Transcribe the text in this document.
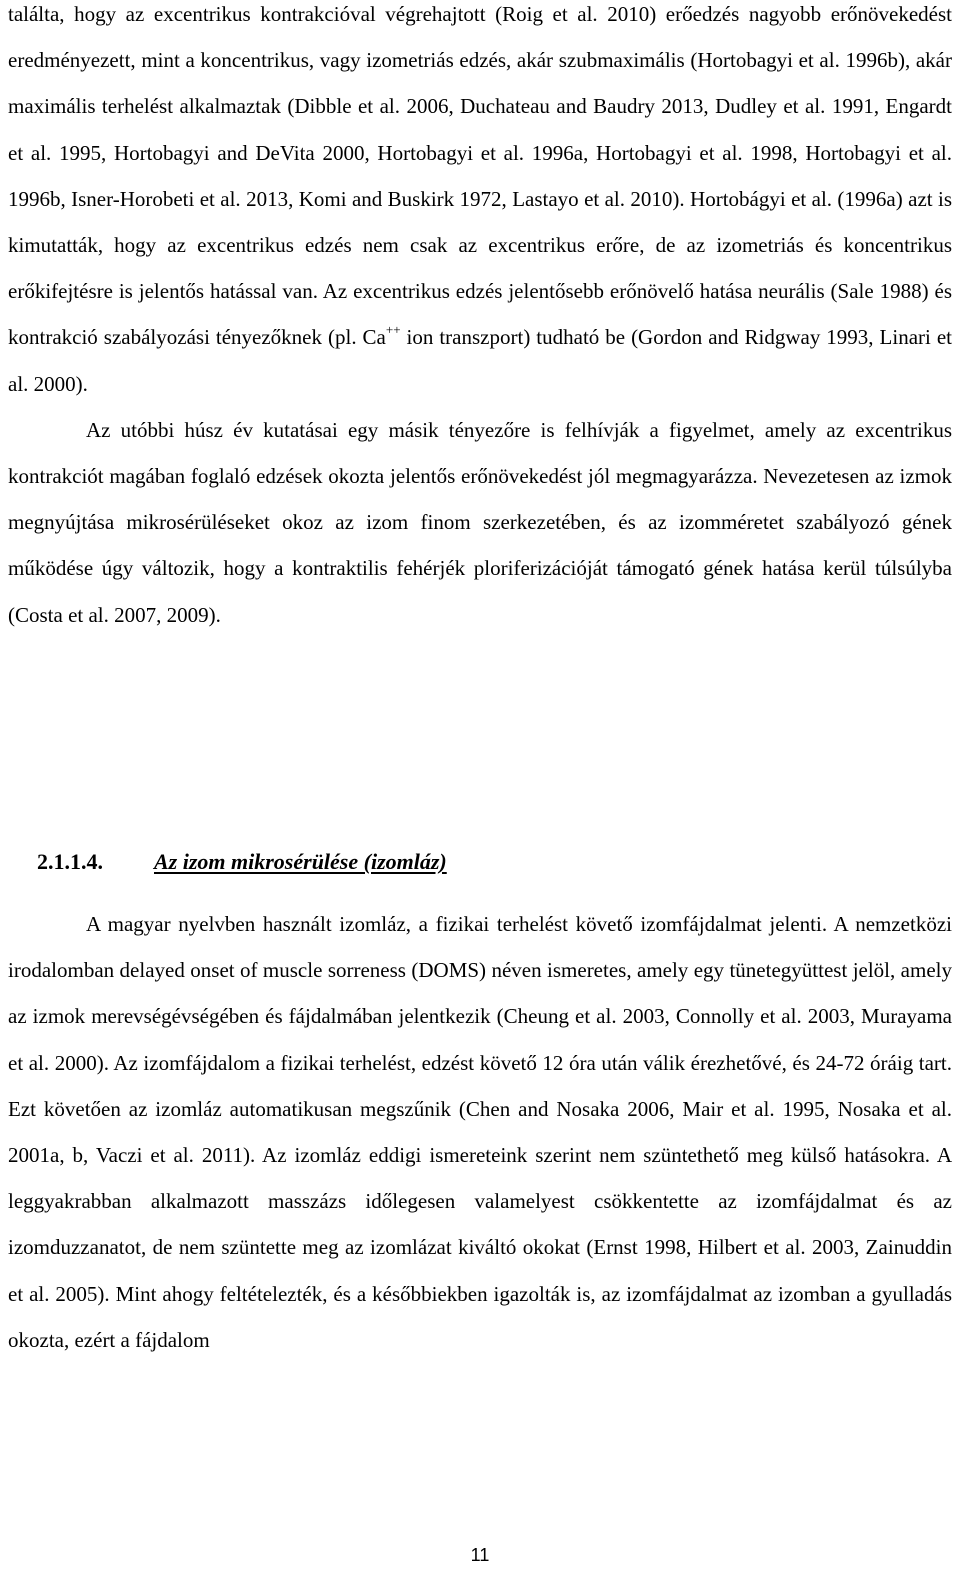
találta, hogy az excentrikus kontrakcióval végrehajtott (Roig et al. 2010) erőedzés nagyobb erőnövekedést eredményezett, mint a koncentrikus, vagy izometriás edzés, akár szubmaximális (Hortobagyi et al. 1996b), akár maximális terhelést alkalmaztak (Dibble et al. 2006, Duchateau and Baudry 2013, Dudley et al. 1991, Engardt et al. 1995, Hortobagyi and DeVita 2000, Hortobagyi et al. 1996a, Hortobagyi et al. 1998, Hortobagyi et al. 1996b, Isner-Horobeti et al. 2013, Komi and Buskirk 1972, Lastayo et al. 2010). Hortobágyi et al. (1996a) azt is kimutatták, hogy az excentrikus edzés nem csak az excentrikus erőre, de az izometriás és koncentrikus erőkifejtésre is jelentős hatással van. Az excentrikus edzés jelentősebb erőnövelő hatása neurális (Sale 1988) és kontrakció szabályozási tényezőknek (pl. Ca++ ion transzport) tudható be (Gordon and Ridgway 1993, Linari et al. 2000).

Az utóbbi húsz év kutatásai egy másik tényezőre is felhívják a figyelmet, amely az excentrikus kontrakciót magában foglaló edzések okozta jelentős erőnövekedést jól megmagyarázza. Nevezetesen az izmok megnyújtása mikrosérüléseket okoz az izom finom szerkezetében, és az izomméretet szabályozó gének működése úgy változik, hogy a kontraktilis fehérjék ploriferizációját támogató gének hatása kerül túlsúlyba (Costa et al. 2007, 2009).

2.1.1.4. Az izom mikrosérülése (izomláz)

A magyar nyelvben használt izomláz, a fizikai terhelést követő izomfájdalmat jelenti. A nemzetközi irodalomban delayed onset of muscle sorreness (DOMS) néven ismeretes, amely egy tünetegyüttest jelöl, amely az izmok merevségévségében és fájdalmában jelentkezik (Cheung et al. 2003, Connolly et al. 2003, Murayama et al. 2000). Az izomfájdalom a fizikai terhelést, edzést követő 12 óra után válik érezhetővé, és 24-72 óráig tart. Ezt követően az izomláz automatikusan megszűnik (Chen and Nosaka 2006, Mair et al. 1995, Nosaka et al. 2001a, b, Vaczi et al. 2011). Az izomláz eddigi ismereteink szerint nem szüntethető meg külső hatásokra. A leggyakrabban alkalmazott masszázs időlegesen valamelyest csökkentette az izomfájdalmat és az izomduzzanatot, de nem szüntette meg az izomlázat kiváltó okokat (Ernst 1998, Hilbert et al. 2003, Zainuddin et al. 2005). Mint ahogy feltételezték, és a későbbiekben igazolták is, az izomfájdalmat az izomban a gyulladás okozta, ezért a fájdalom

11
